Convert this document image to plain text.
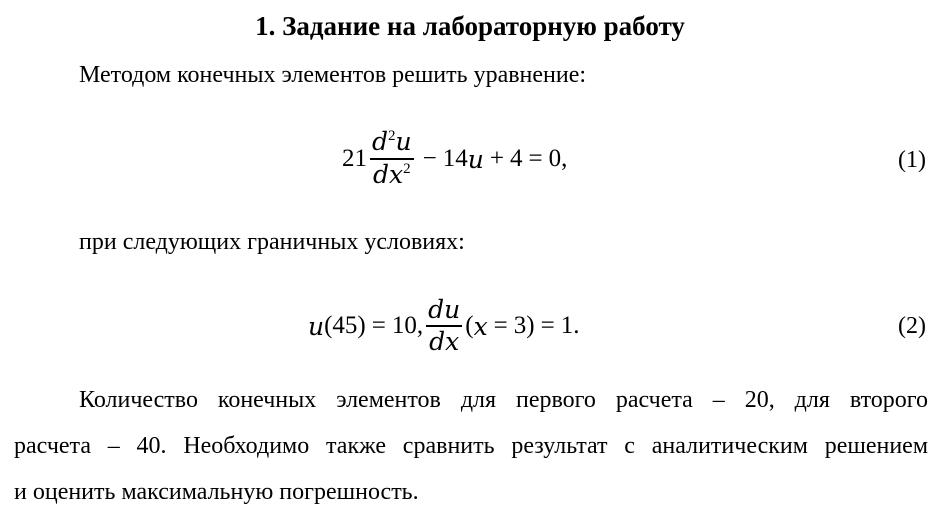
1. Задание на лабораторную работу
Методом конечных элементов решить уравнение:
$21 \frac{d^2u}{dx^2} - 14$ u + 4 = 0,	(1)
при следующих граничных условиях:
u (45) = 10, $\frac{du}{dx}$ ( x = 3) = 1.	(2)
Количество конечных элементов для первого расчета – 20, для второго
расчета – 40. Необходимо также сравнить результат с аналитическим решением
и оценить максимальную погрешность.
